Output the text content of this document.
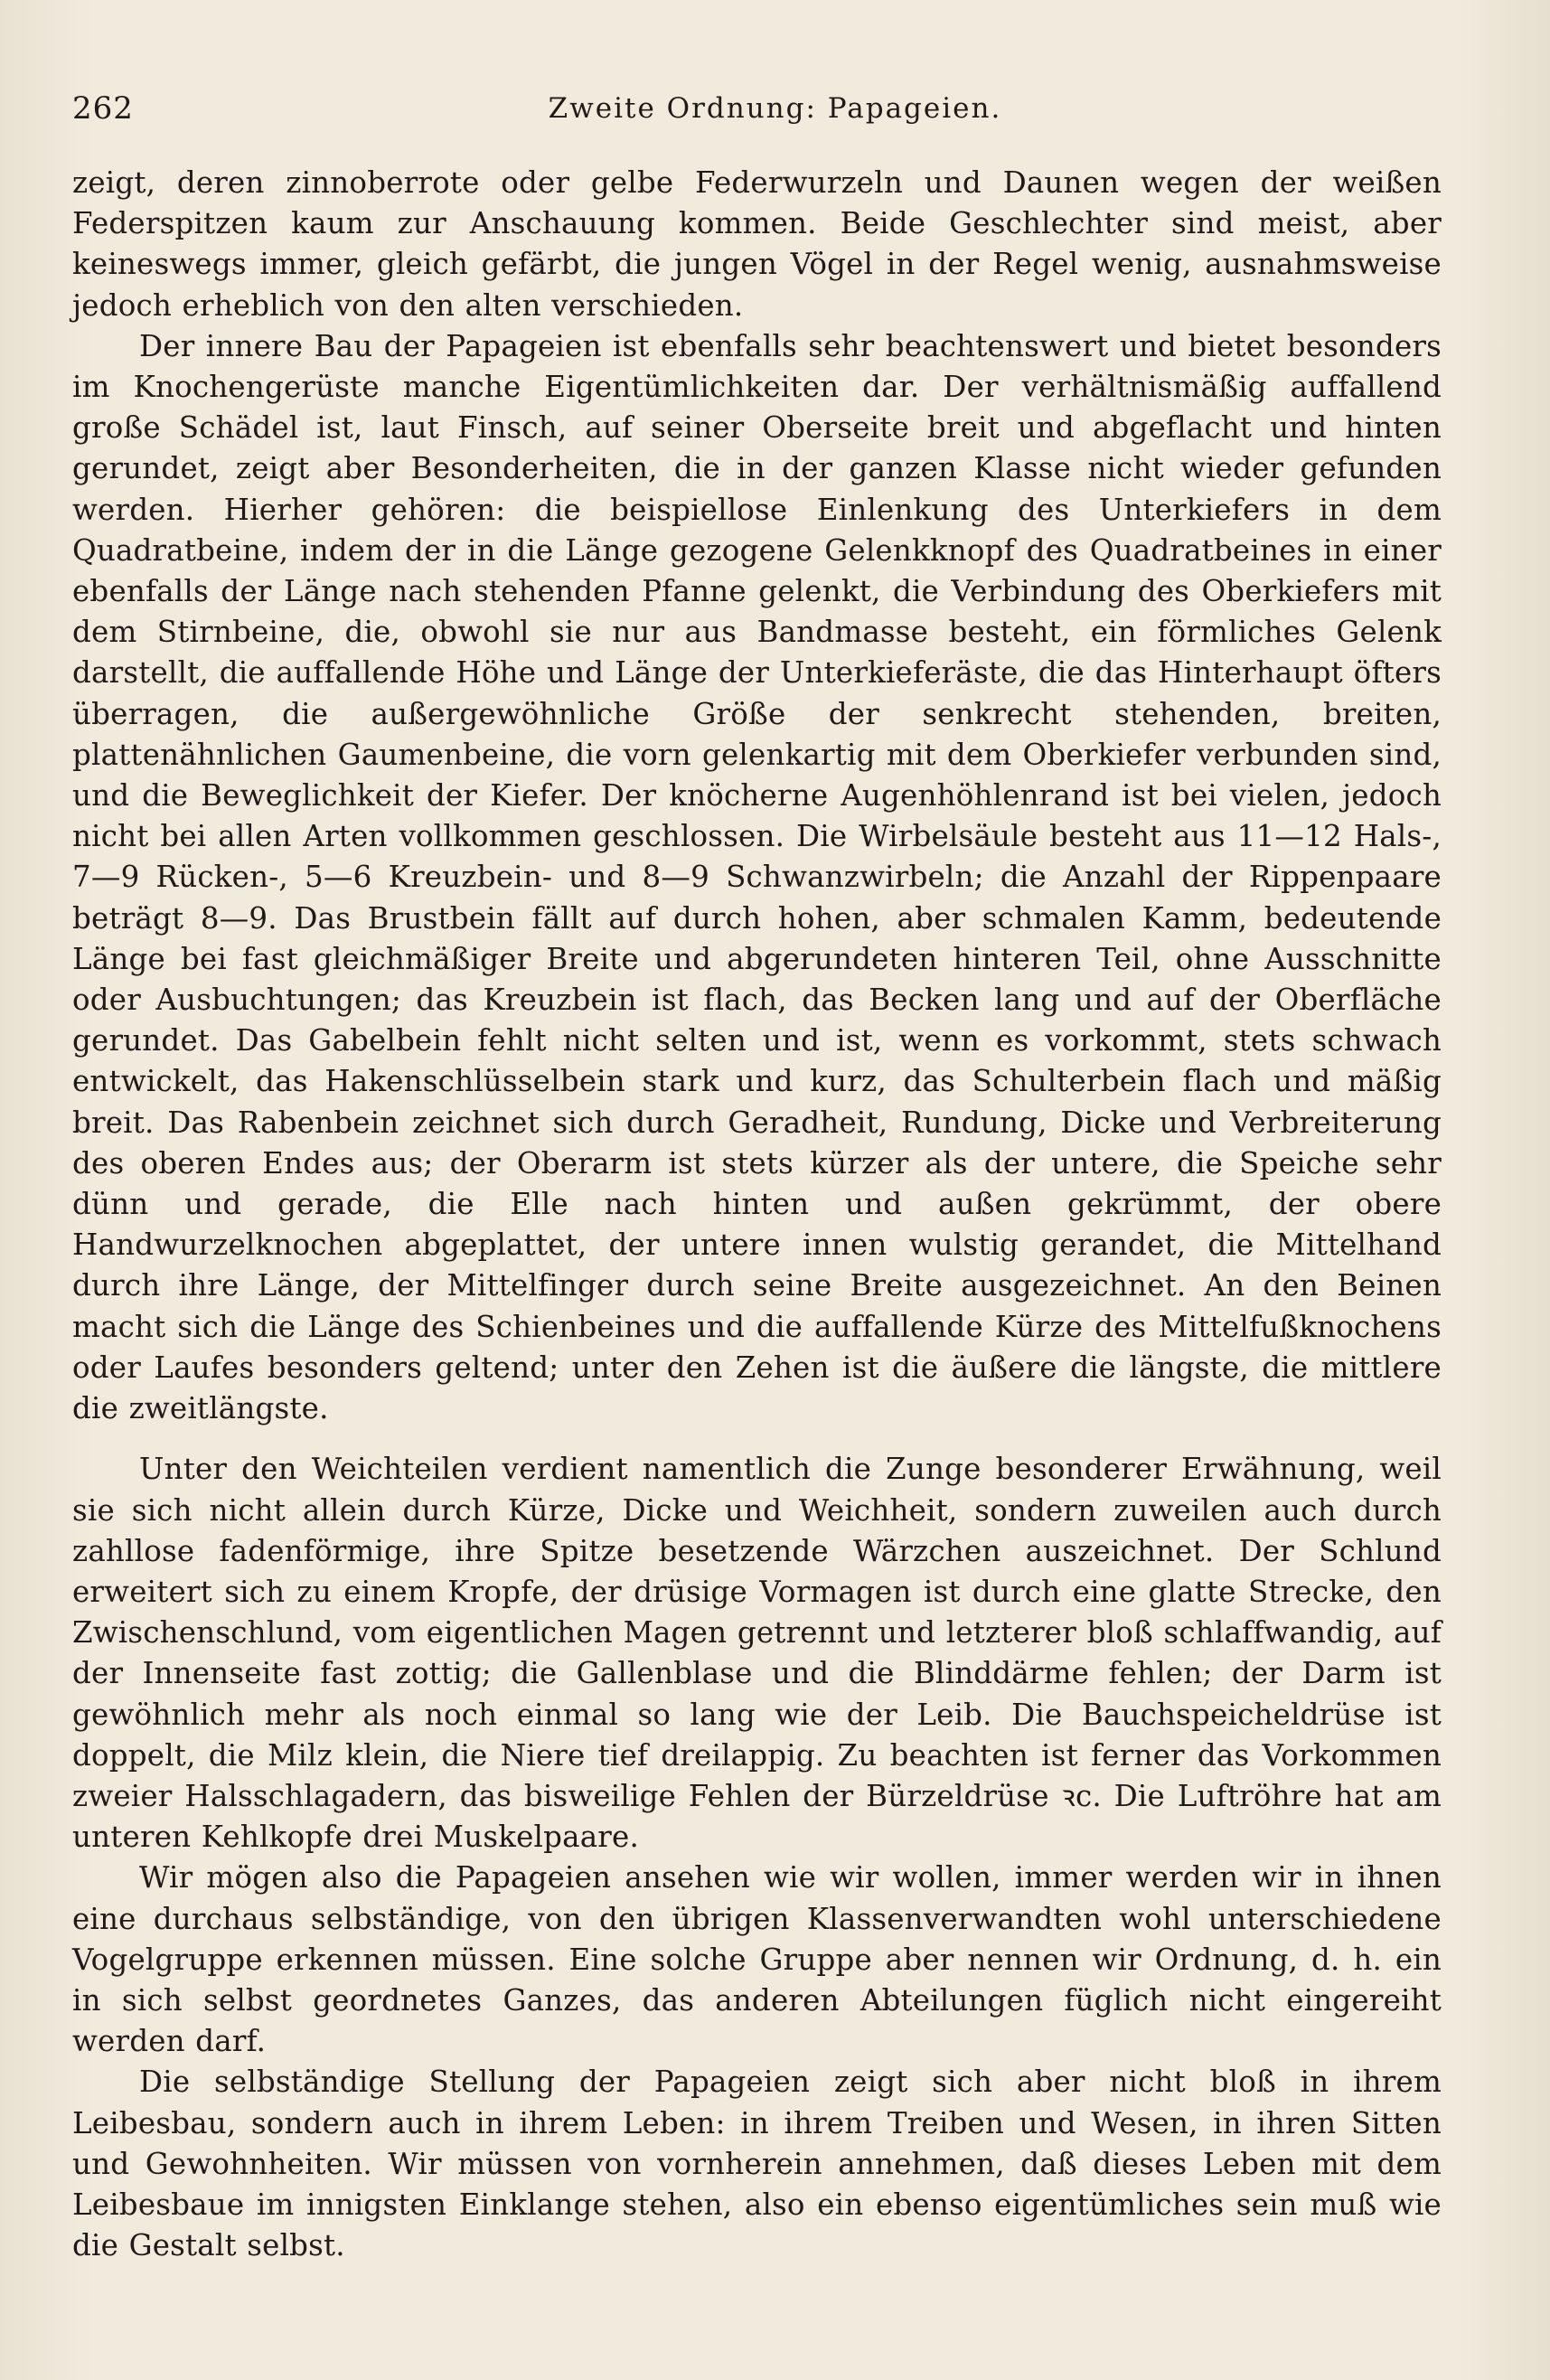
262	Zweite Ordnung: Papageien.

zeigt, deren zinnoberrote oder gelbe Federwurzeln und Daunen wegen der weißen Federspitzen kaum zur Anschauung kommen. Beide Geschlechter sind meist, aber keineswegs immer, gleich gefärbt, die jungen Vögel in der Regel wenig, ausnahmsweise jedoch erheblich von den alten verschieden.

Der innere Bau der Papageien ist ebenfalls sehr beachtenswert und bietet besonders im Knochengerüste manche Eigentümlichkeiten dar. Der verhältnismäßig auffallend große Schädel ist, laut Finsch, auf seiner Oberseite breit und abgeflacht und hinten gerundet, zeigt aber Besonderheiten, die in der ganzen Klasse nicht wieder gefunden werden. Hierher gehören: die beispiellose Einlenkung des Unterkiefers in dem Quadratbeine, indem der in die Länge gezogene Gelenkknopf des Quadratbeines in einer ebenfalls der Länge nach stehenden Pfanne gelenkt, die Verbindung des Oberkiefers mit dem Stirnbeine, die, obwohl sie nur aus Bandmasse besteht, ein förmliches Gelenk darstellt, die auffallende Höhe und Länge der Unterkieferäste, die das Hinterhaupt öfters überragen, die außergewöhnliche Größe der senkrecht stehenden, breiten, plattenähnlichen Gaumenbeine, die vorn gelenkartig mit dem Oberkiefer verbunden sind, und die Beweglichkeit der Kiefer. Der knöcherne Augenhöhlenrand ist bei vielen, jedoch nicht bei allen Arten vollkommen geschlossen. Die Wirbelsäule besteht aus 11—12 Hals-, 7—9 Rücken-, 5—6 Kreuzbein- und 8—9 Schwanzwirbeln; die Anzahl der Rippenpaare beträgt 8—9. Das Brustbein fällt auf durch hohen, aber schmalen Kamm, bedeutende Länge bei fast gleichmäßiger Breite und abgerundeten hinteren Teil, ohne Ausschnitte oder Ausbuchtungen; das Kreuzbein ist flach, das Becken lang und auf der Oberfläche gerundet. Das Gabelbein fehlt nicht selten und ist, wenn es vorkommt, stets schwach entwickelt, das Hakenschlüsselbein stark und kurz, das Schulterbein flach und mäßig breit. Das Rabenbein zeichnet sich durch Geradheit, Rundung, Dicke und Verbreiterung des oberen Endes aus; der Oberarm ist stets kürzer als der untere, die Speiche sehr dünn und gerade, die Elle nach hinten und außen gekrümmt, der obere Handwurzelknochen abgeplattet, der untere innen wulstig gerandet, die Mittelhand durch ihre Länge, der Mittelfinger durch seine Breite ausgezeichnet. An den Beinen macht sich die Länge des Schienbeines und die auffallende Kürze des Mittelfußknochens oder Laufes besonders geltend; unter den Zehen ist die äußere die längste, die mittlere die zweitlängste.

Unter den Weichteilen verdient namentlich die Zunge besonderer Erwähnung, weil sie sich nicht allein durch Kürze, Dicke und Weichheit, sondern zuweilen auch durch zahllose fadenförmige, ihre Spitze besetzende Wärzchen auszeichnet. Der Schlund erweitert sich zu einem Kropfe, der drüsige Vormagen ist durch eine glatte Strecke, den Zwischenschlund, vom eigentlichen Magen getrennt und letzterer bloß schlaffwandig, auf der Innenseite fast zottig; die Gallenblase und die Blinddärme fehlen; der Darm ist gewöhnlich mehr als noch einmal so lang wie der Leib. Die Bauchspeicheldrüse ist doppelt, die Milz klein, die Niere tief dreilappig. Zu beachten ist ferner das Vorkommen zweier Halsschlagadern, das bisweilige Fehlen der Bürzeldrüse ꝛc. Die Luftröhre hat am unteren Kehlkopfe drei Muskelpaare.

Wir mögen also die Papageien ansehen wie wir wollen, immer werden wir in ihnen eine durchaus selbständige, von den übrigen Klassenverwandten wohl unterschiedene Vogelgruppe erkennen müssen. Eine solche Gruppe aber nennen wir Ordnung, d. h. ein in sich selbst geordnetes Ganzes, das anderen Abteilungen füglich nicht eingereiht werden darf.

Die selbständige Stellung der Papageien zeigt sich aber nicht bloß in ihrem Leibesbau, sondern auch in ihrem Leben: in ihrem Treiben und Wesen, in ihren Sitten und Gewohnheiten. Wir müssen von vornherein annehmen, daß dieses Leben mit dem Leibesbaue im innigsten Einklange stehen, also ein ebenso eigentümliches sein muß wie die Gestalt selbst.
